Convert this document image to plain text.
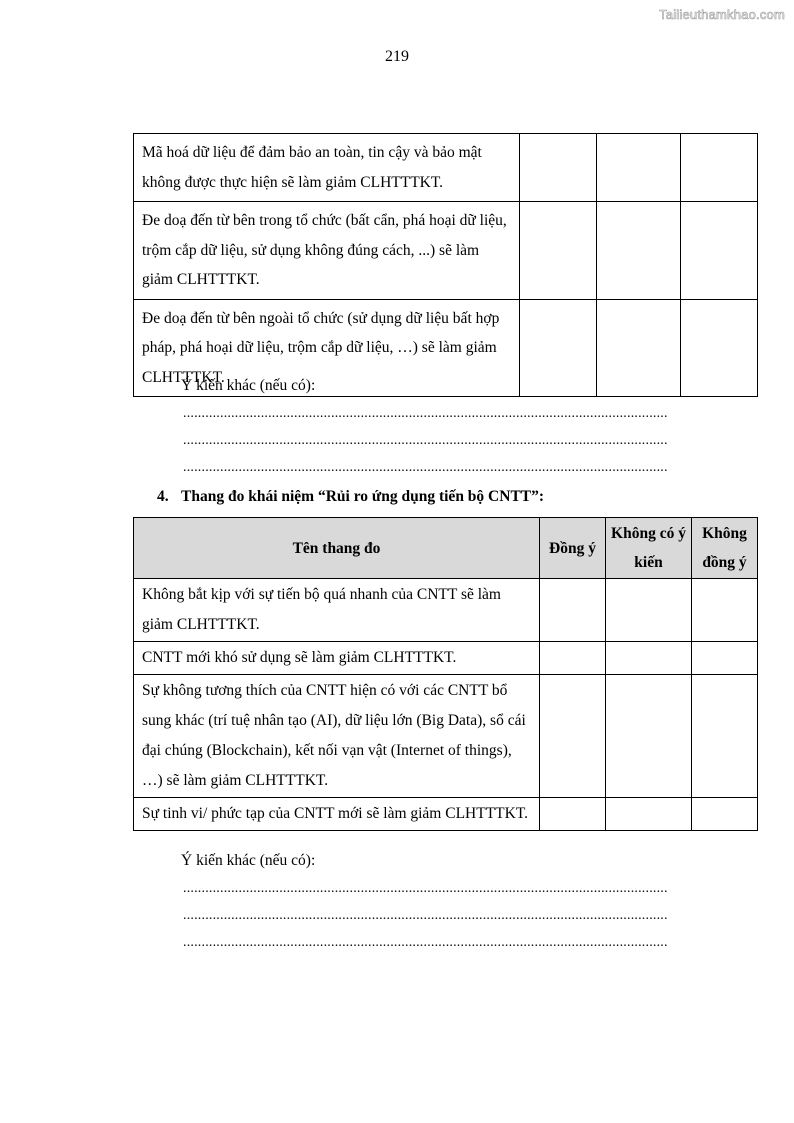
Tailieuthamkhao.com
219
Mã hoá dữ liệu để đảm bảo an toàn, tin cậy và bảo mật không được thực hiện sẽ làm giảm CLHTTTKT.			
Đe doạ đến từ bên trong tổ chức (bất cẩn, phá hoại dữ liệu, trộm cắp dữ liệu, sử dụng không đúng cách, ...) sẽ làm giảm CLHTTTKT.			
Đe doạ đến từ bên ngoài tổ chức (sử dụng dữ liệu bất hợp pháp, phá hoại dữ liệu, trộm cắp dữ liệu, …) sẽ làm giảm CLHTTTKT.			
Ý kiến khác (nếu có):
...................................................................................................................................
...................................................................................................................................
...................................................................................................................................
4. Thang đo khái niệm “Rủi ro ứng dụng tiến bộ CNTT”:
Tên thang đo	Đồng ý	Không có ý kiến	Không đồng ý
Không bắt kịp với sự tiến bộ quá nhanh của CNTT sẽ làm giảm CLHTTTKT.			
CNTT mới khó sử dụng sẽ làm giảm CLHTTTKT.			
Sự không tương thích của CNTT hiện có với các CNTT bổ sung khác (trí tuệ nhân tạo (AI), dữ liệu lớn (Big Data), sổ cái đại chúng (Blockchain), kết nối vạn vật (Internet of things), …) sẽ làm giảm CLHTTTKT.			
Sự tinh vi/ phức tạp của CNTT mới sẽ làm giảm CLHTTTKT.			
Ý kiến khác (nếu có):
...................................................................................................................................
...................................................................................................................................
...................................................................................................................................
